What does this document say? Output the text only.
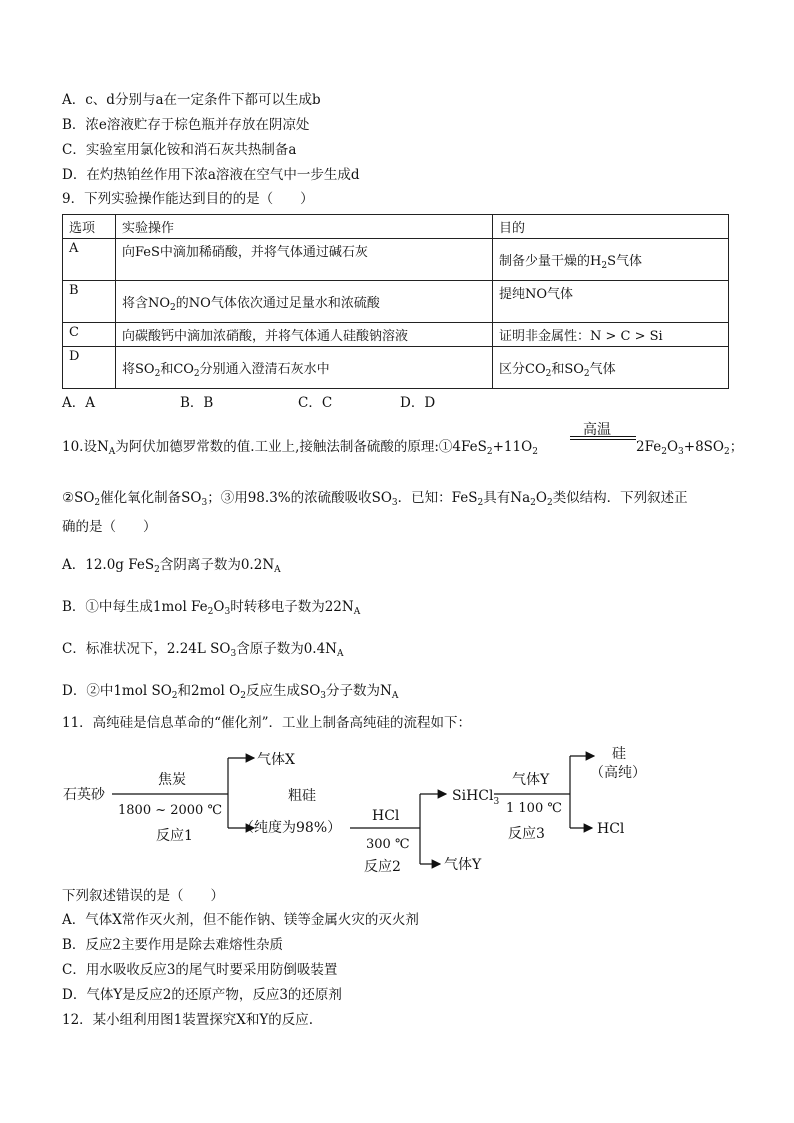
A．c、d分别与a在一定条件下都可以生成b
B．浓e溶液贮存于棕色瓶并存放在阴凉处
C．实验室用氯化铵和消石灰共热制备a
D．在灼热铂丝作用下浓a溶液在空气中一步生成d
9．下列实验操作能达到目的的是（　　）
选项	实验操作	目的
A	向FeS中滴加稀硝酸，并将气体通过碱石灰	制备少量干燥的$H_2S$气体
B	将含$NO_2$的NO气体依次通过足量水和浓硫酸	提纯NO气体
C	向碳酸钙中滴加浓硝酸，并将气体通人硅酸钠溶液	证明非金属性：N > C > Si
D	将$SO_2$和$CO_2$分别通入澄清石灰水中	区分$CO_2$和$SO_2$气体
A．A	B．B	C．C	D．D
高温
10.设$N_A$为阿伏加德罗常数的值.工业上,接触法制备硫酸的原理$:①4FeS_2+11O_2$	$2Fe_2O_3+8SO_2$；
$②SO_2$催化氧化制备$SO_3$；③用98.3%的浓硫酸吸收$SO_3$．已知：FeS$_2$具有$Na_2O_2$类似结构．下列叙述正
确的是（　　）
A．12.0g FeS$_2$含阴离子数为$0.2N_A$
B．①中每生成1mol $Fe_2O_3$时转移电子数为$22N_A$
C．标准状况下，2.24L $SO_3$含原子数为$0.4N_A$
D．②中1mol $SO_2$和2mol $O_2$反应生成$SO_3$分子数为$N_A$
11．高纯硅是信息革命的“催化剂”．工业上制备高纯硅的流程如下：
石英砂
焦炭
1800 ~ 2000 ℃
反应1
气体X
粗硅
（纯度为98%）
HCl
300 ℃
反应2
SiHCl$_3$
气体Y
气体Y
1 100 ℃
反应3
硅
（高纯）
HCl
下列叙述错误的是（　　）
A．气体X常作灭火剂，但不能作钠、镁等金属火灾的灭火剂
B．反应2主要作用是除去难熔性杂质
C．用水吸收反应3的尾气时要采用防倒吸装置
D．气体Y是反应2的还原产物，反应3的还原剂
12．某小组利用图1装置探究X和Y的反应.
